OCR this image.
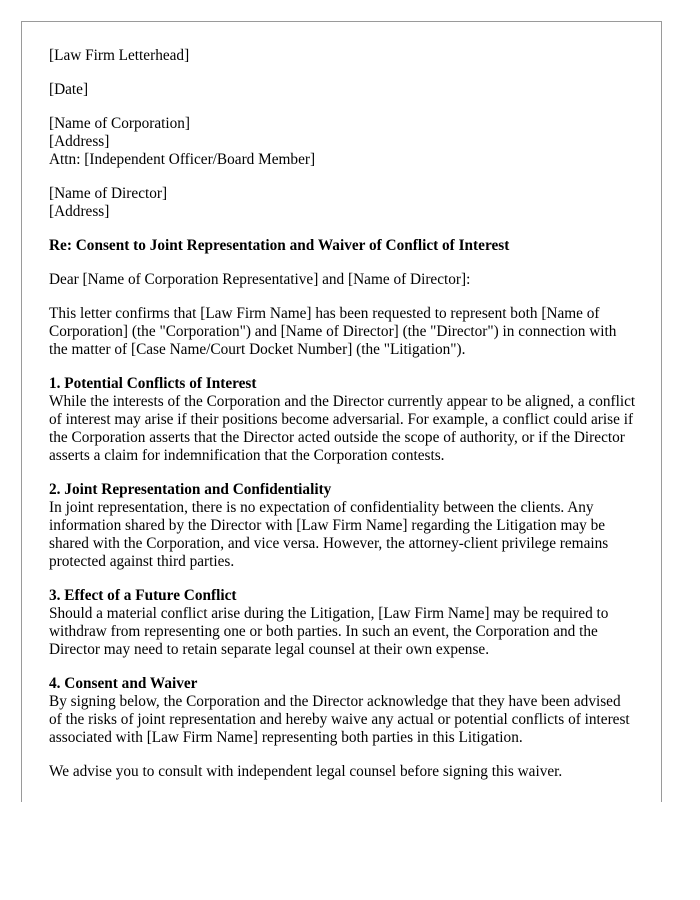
[Law Firm Letterhead]

[Date]

[Name of Corporation]
[Address]
Attn: [Independent Officer/Board Member]

[Name of Director]
[Address]

Re: Consent to Joint Representation and Waiver of Conflict of Interest

Dear [Name of Corporation Representative] and [Name of Director]:

This letter confirms that [Law Firm Name] has been requested to represent both [Name of Corporation] (the "Corporation") and [Name of Director] (the "Director") in connection with the matter of [Case Name/Court Docket Number] (the "Litigation").

1. Potential Conflicts of Interest

While the interests of the Corporation and the Director currently appear to be aligned, a conflict of interest may arise if their positions become adversarial. For example, a conflict could arise if the Corporation asserts that the Director acted outside the scope of authority, or if the Director asserts a claim for indemnification that the Corporation contests.

2. Joint Representation and Confidentiality

In joint representation, there is no expectation of confidentiality between the clients. Any information shared by the Director with [Law Firm Name] regarding the Litigation may be shared with the Corporation, and vice versa. However, the attorney-client privilege remains protected against third parties.

3. Effect of a Future Conflict

Should a material conflict arise during the Litigation, [Law Firm Name] may be required to withdraw from representing one or both parties. In such an event, the Corporation and the Director may need to retain separate legal counsel at their own expense.

4. Consent and Waiver

By signing below, the Corporation and the Director acknowledge that they have been advised of the risks of joint representation and hereby waive any actual or potential conflicts of interest associated with [Law Firm Name] representing both parties in this Litigation.

We advise you to consult with independent legal counsel before signing this waiver.
